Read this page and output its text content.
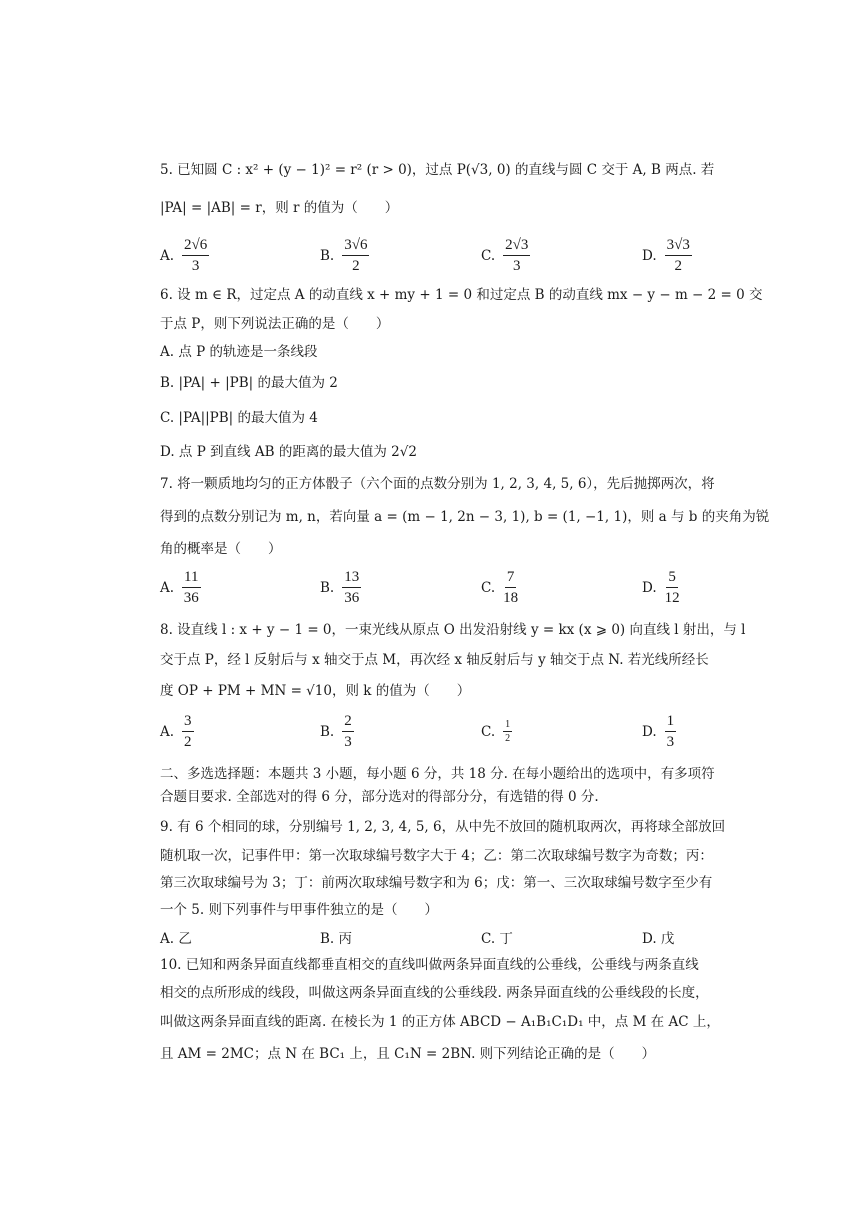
5. 已知圆 C : x² + (y − 1)² = r² (r > 0)，过点 P(√3, 0) 的直线与圆 C 交于 A, B 两点. 若
|PA| = |AB| = r，则 r 的值为（　　）
A. $\frac{2√6}{3}$	B. $\frac{3√6}{2}$	C. $\frac{2√3}{3}$	D. $\frac{3√3}{2}$
6. 设 m ∈ R，过定点 A 的动直线 x + my + 1 = 0 和过定点 B 的动直线 mx − y − m − 2 = 0 交
于点 P，则下列说法正确的是（　　）
A. 点 P 的轨迹是一条线段
B. |PA| + |PB| 的最大值为 2
C. |PA||PB| 的最大值为 4
D. 点 P 到直线 AB 的距离的最大值为 2√2
7. 将一颗质地均匀的正方体骰子（六个面的点数分别为 1, 2, 3, 4, 5, 6），先后抛掷两次，将
得到的点数分别记为 m, n，若向量 a = (m − 1, 2n − 3, 1), b = (1, −1, 1)，则 a 与 b 的夹角为锐
角的概率是（　　）
A. $\frac{11}{36}$	B. $\frac{13}{36}$	C. $\frac{7}{18}$	D. $\frac{5}{12}$
8. 设直线 l : x + y − 1 = 0，一束光线从原点 O 出发沿射线 y = kx (x ⩾ 0) 向直线 l 射出，与 l
交于点 P，经 l 反射后与 x 轴交于点 M，再次经 x 轴反射后与 y 轴交于点 N. 若光线所经长
度 OP + PM + MN = √10，则 k 的值为（　　）
A. $\frac{3}{2}$	B. $\frac{2}{3}$	C. $\frac{1}{2}$	D. $\frac{1}{3}$
二、多选选择题：本题共 3 小题，每小题 6 分，共 18 分. 在每小题给出的选项中，有多项符
合题目要求. 全部选对的得 6 分，部分选对的得部分分，有选错的得 0 分.
9. 有 6 个相同的球，分别编号 1, 2, 3, 4, 5, 6，从中先不放回的随机取两次，再将球全部放回
随机取一次，记事件甲：第一次取球编号数字大于 4；乙：第二次取球编号数字为奇数；丙：
第三次取球编号为 3；丁：前两次取球编号数字和为 6；戊：第一、三次取球编号数字至少有
一个 5. 则下列事件与甲事件独立的是（　　）
A. 乙	B. 丙	C. 丁	D. 戊
10. 已知和两条异面直线都垂直相交的直线叫做两条异面直线的公垂线，公垂线与两条直线
相交的点所形成的线段，叫做这两条异面直线的公垂线段. 两条异面直线的公垂线段的长度，
叫做这两条异面直线的距离. 在棱长为 1 的正方体 ABCD − A₁B₁C₁D₁ 中，点 M 在 AC 上，
且 AM = 2MC；点 N 在 BC₁ 上，且 C₁N = 2BN. 则下列结论正确的是（　　）
